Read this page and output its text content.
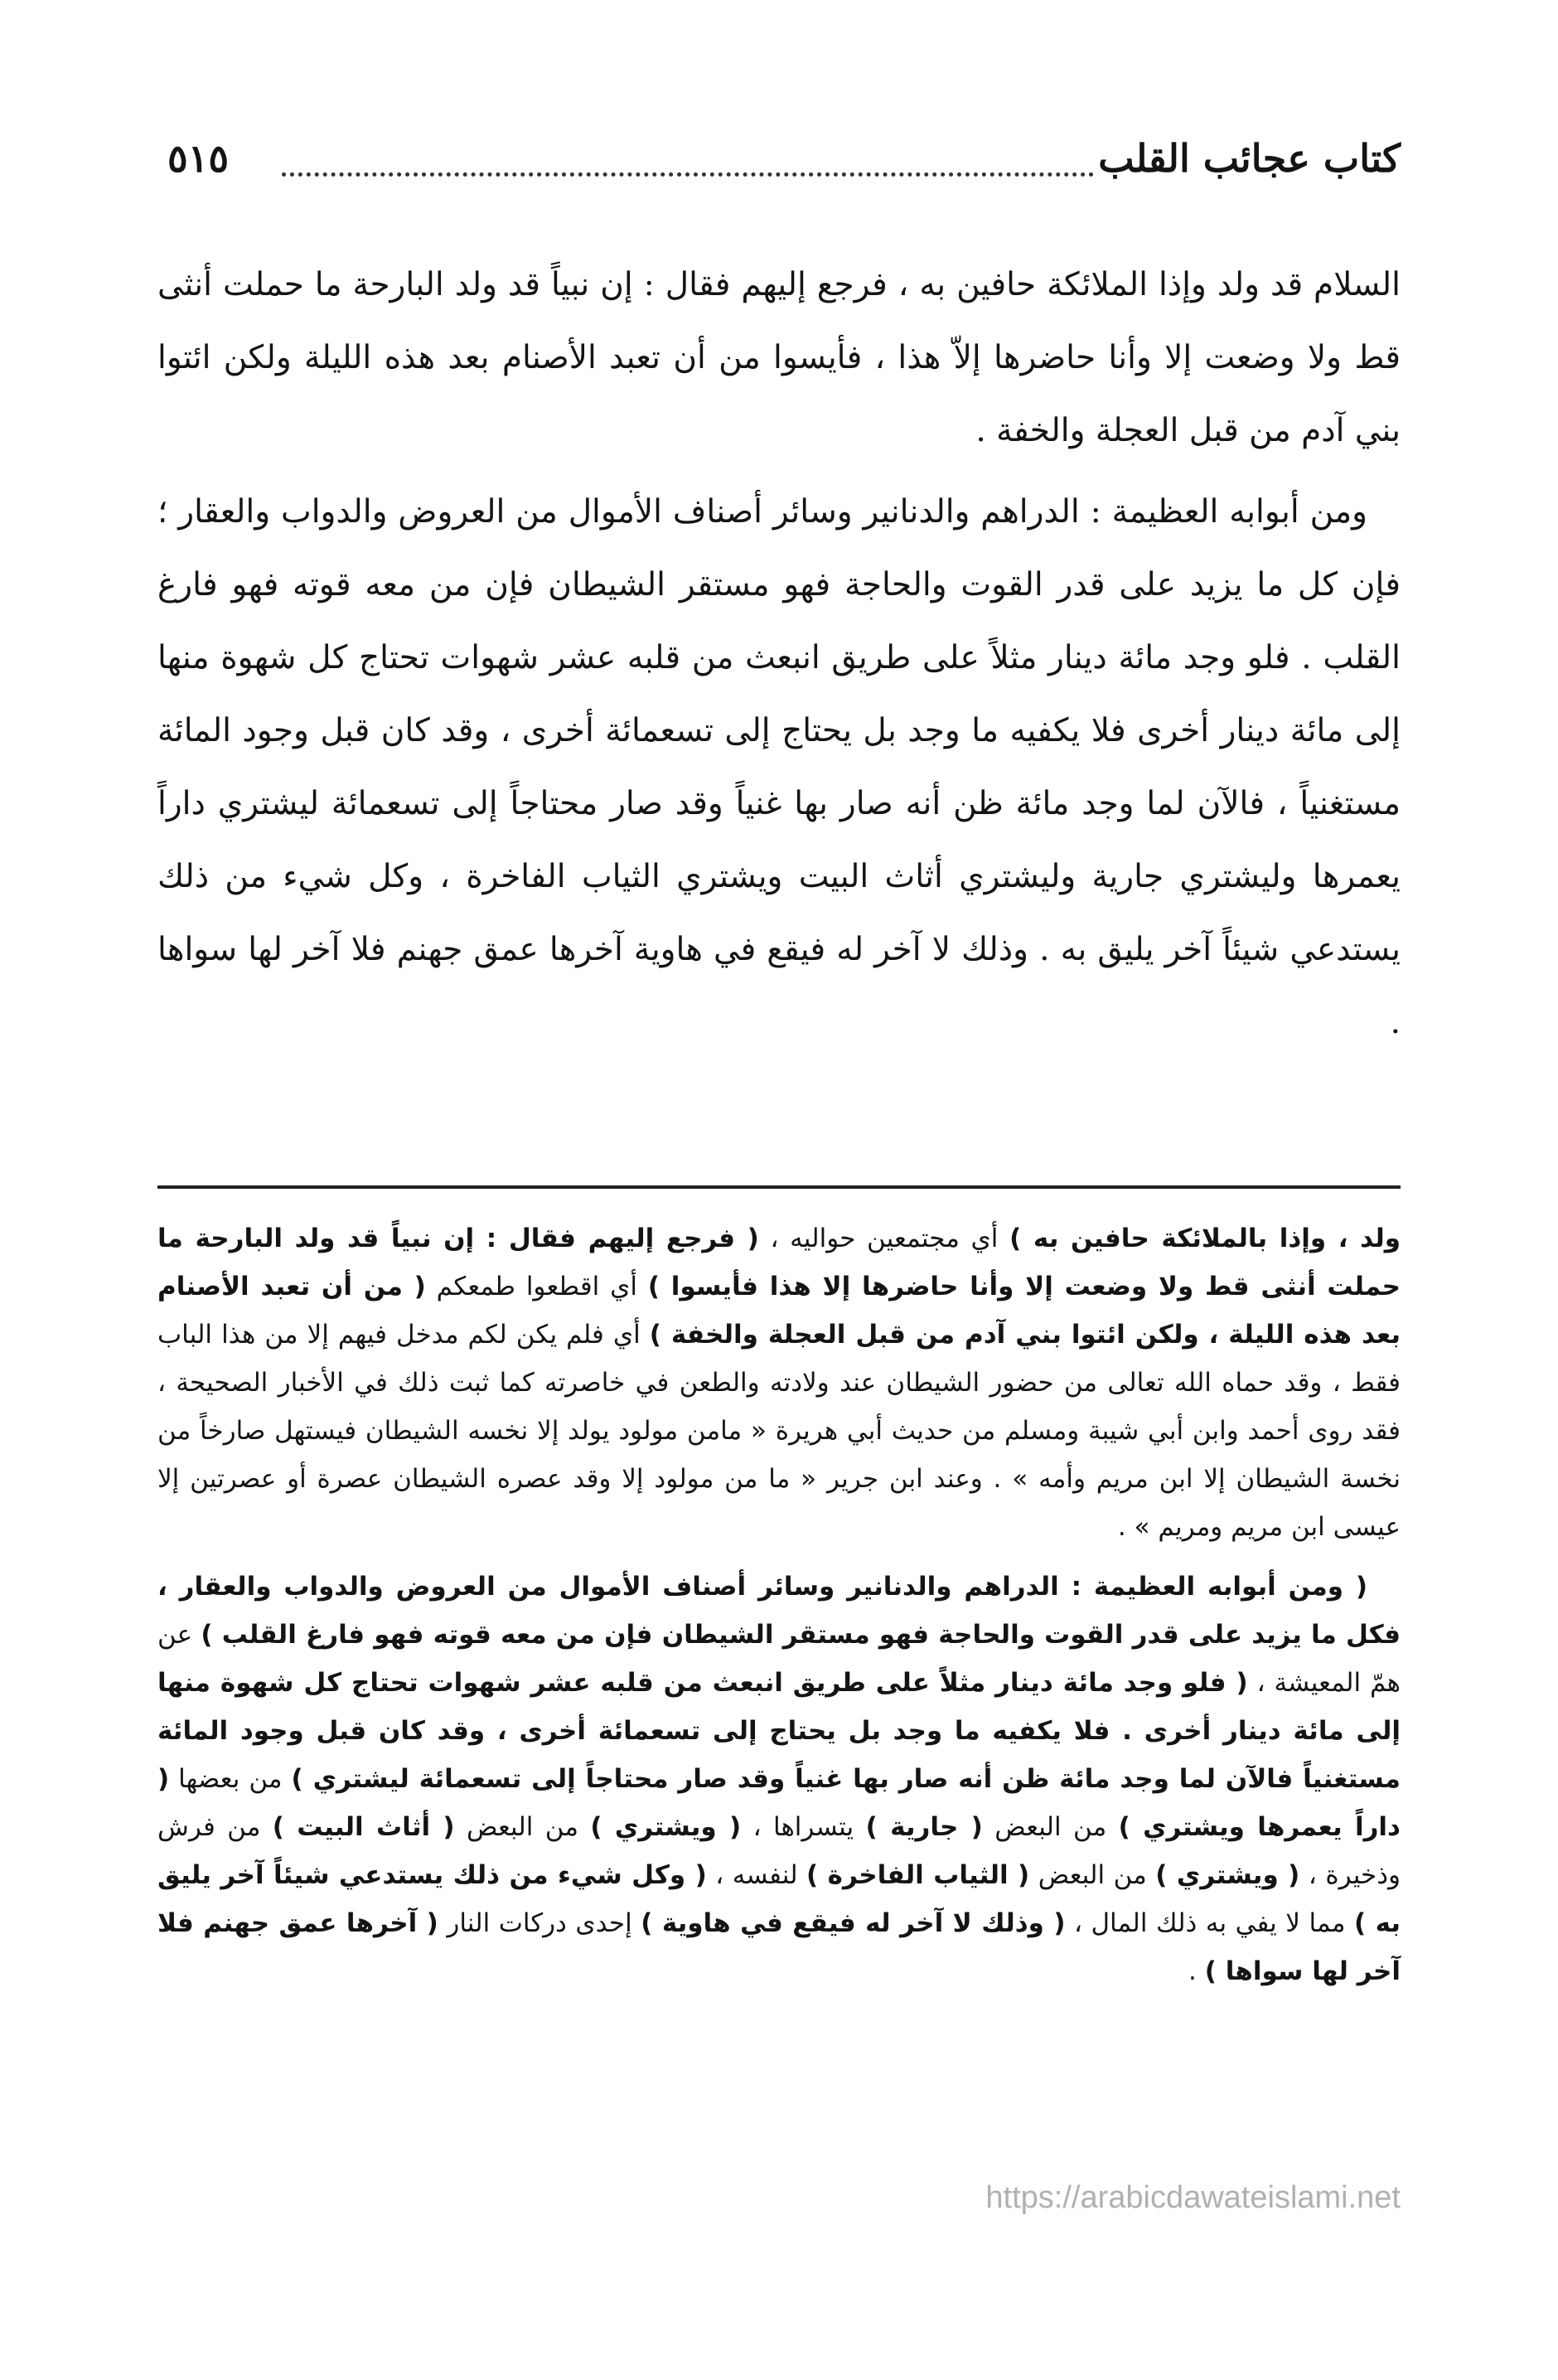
كتاب عجائب القلب
٥١٥

السلام قد ولد وإذا الملائكة حافين به ، فرجع إليهم فقال : إن نبياً قد ولد البارحة ما حملت أنثى قط ولا وضعت إلا وأنا حاضرها إلاّ هذا ، فأيسوا من أن تعبد الأصنام بعد هذه الليلة ولكن ائتوا بني آدم من قبل العجلة والخفة .

ومن أبوابه العظيمة : الدراهم والدنانير وسائر أصناف الأموال من العروض والدواب والعقار ؛ فإن كل ما يزيد على قدر القوت والحاجة فهو مستقر الشيطان فإن من معه قوته فهو فارغ القلب . فلو وجد مائة دينار مثلاً على طريق انبعث من قلبه عشر شهوات تحتاج كل شهوة منها إلى مائة دينار أخرى فلا يكفيه ما وجد بل يحتاج إلى تسعمائة أخرى ، وقد كان قبل وجود المائة مستغنياً ، فالآن لما وجد مائة ظن أنه صار بها غنياً وقد صار محتاجاً إلى تسعمائة ليشتري داراً يعمرها وليشتري جارية وليشتري أثاث البيت ويشتري الثياب الفاخرة ، وكل شيء من ذلك يستدعي شيئاً آخر يليق به . وذلك لا آخر له فيقع في هاوية آخرها عمق جهنم فلا آخر لها سواها .

ولد ، وإذا بالملائكة حافين به ) أي مجتمعين حواليه ، ( فرجع إليهم فقال : إن نبياً قد ولد البارحة ما حملت أنثى قط ولا وضعت إلا وأنا حاضرها إلا هذا فأيسوا ) أي اقطعوا طمعكم ( من أن تعبد الأصنام بعد هذه الليلة ، ولكن ائتوا بني آدم من قبل العجلة والخفة ) أي فلم يكن لكم مدخل فيهم إلا من هذا الباب فقط ، وقد حماه الله تعالى من حضور الشيطان عند ولادته والطعن في خاصرته كما ثبت ذلك في الأخبار الصحيحة ، فقد روى أحمد وابن أبي شيبة ومسلم من حديث أبي هريرة « مامن مولود يولد إلا نخسه الشيطان فيستهل صارخاً من نخسة الشيطان إلا ابن مريم وأمه » . وعند ابن جرير « ما من مولود إلا وقد عصره الشيطان عصرة أو عصرتين إلا عيسى ابن مريم ومريم » .

( ومن أبوابه العظيمة : الدراهم والدنانير وسائر أصناف الأموال من العروض والدواب والعقار ، فكل ما يزيد على قدر القوت والحاجة فهو مستقر الشيطان فإن من معه قوته فهو فارغ القلب ) عن همّ المعيشة ، ( فلو وجد مائة دينار مثلاً على طريق انبعث من قلبه عشر شهوات تحتاج كل شهوة منها إلى مائة دينار أخرى . فلا يكفيه ما وجد بل يحتاج إلى تسعمائة أخرى ، وقد كان قبل وجود المائة مستغنياً فالآن لما وجد مائة ظن أنه صار بها غنياً وقد صار محتاجاً إلى تسعمائة ليشتري ) من بعضها ( داراً يعمرها ويشتري ) من البعض ( جارية ) يتسراها ، ( ويشتري ) من البعض ( أثاث البيت ) من فرش وذخيرة ، ( ويشتري ) من البعض ( الثياب الفاخرة ) لنفسه ، ( وكل شيء من ذلك يستدعي شيئاً آخر يليق به ) مما لا يفي به ذلك المال ، ( وذلك لا آخر له فيقع في هاوية ) إحدى دركات النار ( آخرها عمق جهنم فلا آخر لها سواها ) .

https://arabicdawateislami.net
